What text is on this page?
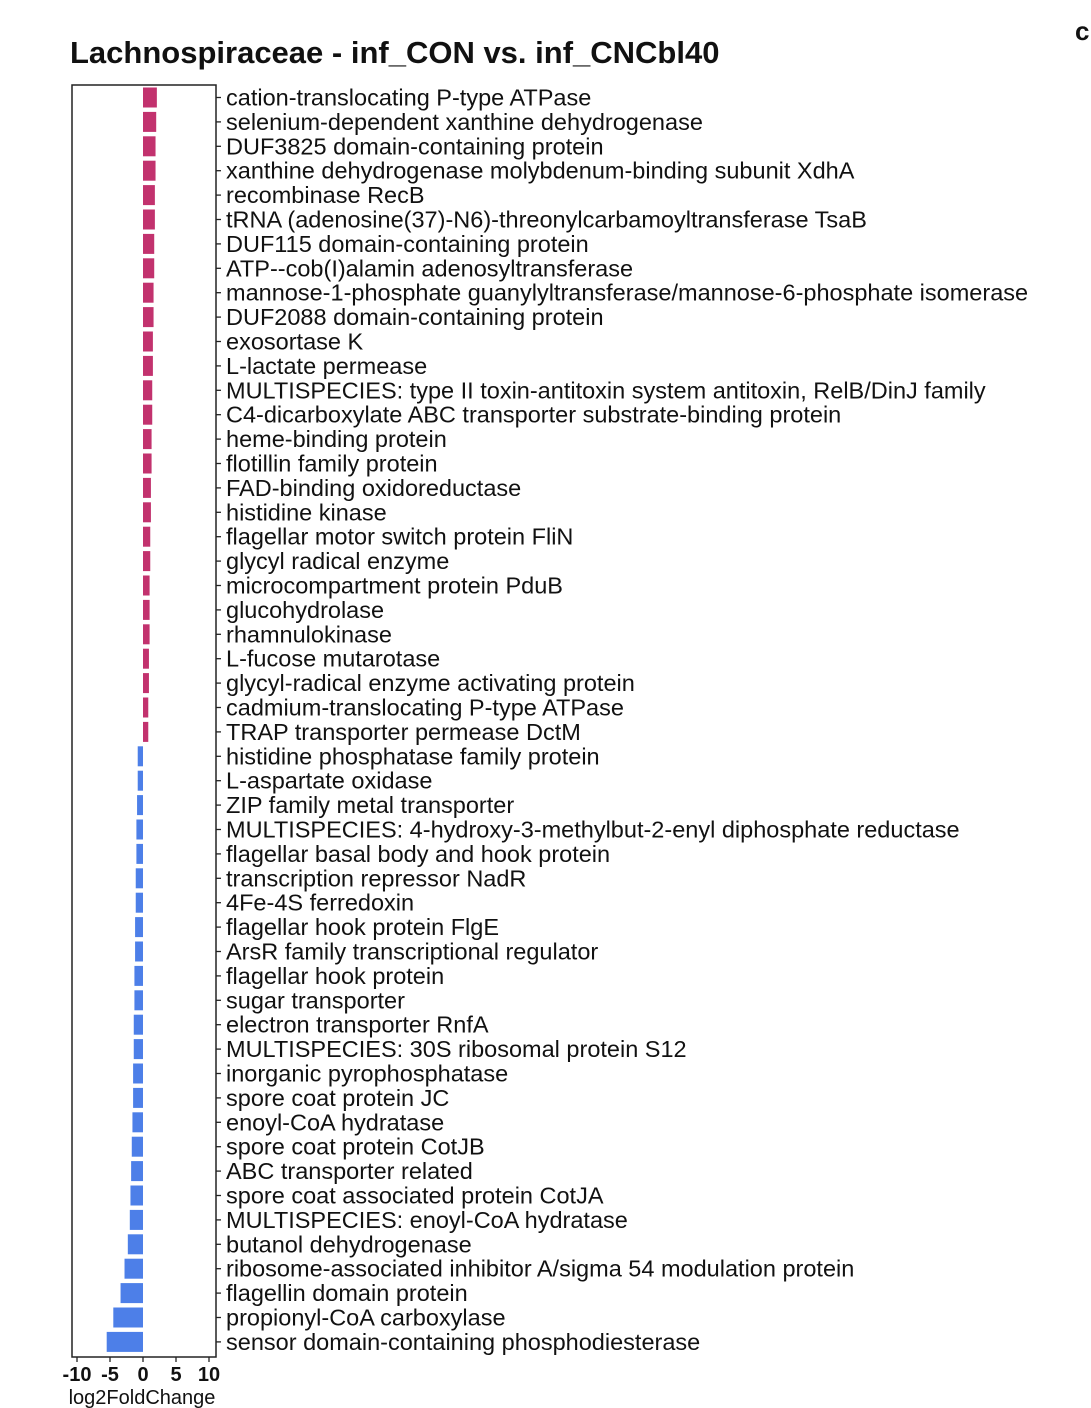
Lachnospiraceae - inf_CON vs. inf_CNCbl40
c
cation-translocating P-type ATPase
selenium-dependent xanthine dehydrogenase
DUF3825 domain-containing protein
xanthine dehydrogenase molybdenum-binding subunit XdhA
recombinase RecB
tRNA (adenosine(37)-N6)-threonylcarbamoyltransferase TsaB
DUF115 domain-containing protein
ATP--cob(I)alamin adenosyltransferase
mannose-1-phosphate guanylyltransferase/mannose-6-phosphate isomerase
DUF2088 domain-containing protein
exosortase K
L-lactate permease
MULTISPECIES: type II toxin-antitoxin system antitoxin, RelB/DinJ family
C4-dicarboxylate ABC transporter substrate-binding protein
heme-binding protein
flotillin family protein
FAD-binding oxidoreductase
histidine kinase
flagellar motor switch protein FliN
glycyl radical enzyme
microcompartment protein PduB
glucohydrolase
rhamnulokinase
L-fucose mutarotase
glycyl-radical enzyme activating protein
cadmium-translocating P-type ATPase
TRAP transporter permease DctM
histidine phosphatase family protein
L-aspartate oxidase
ZIP family metal transporter
MULTISPECIES: 4-hydroxy-3-methylbut-2-enyl diphosphate reductase
flagellar basal body and hook protein
transcription repressor NadR
4Fe-4S ferredoxin
flagellar hook protein FlgE
ArsR family transcriptional regulator
flagellar hook protein
sugar transporter
electron transporter RnfA
MULTISPECIES: 30S ribosomal protein S12
inorganic pyrophosphatase
spore coat protein JC
enoyl-CoA hydratase
spore coat protein CotJB
ABC transporter related
spore coat associated protein CotJA
MULTISPECIES: enoyl-CoA hydratase
butanol dehydrogenase
ribosome-associated inhibitor A/sigma 54 modulation protein
flagellin domain protein
propionyl-CoA carboxylase
sensor domain-containing phosphodiesterase
-10 -5 0 5 10
log2FoldChange
